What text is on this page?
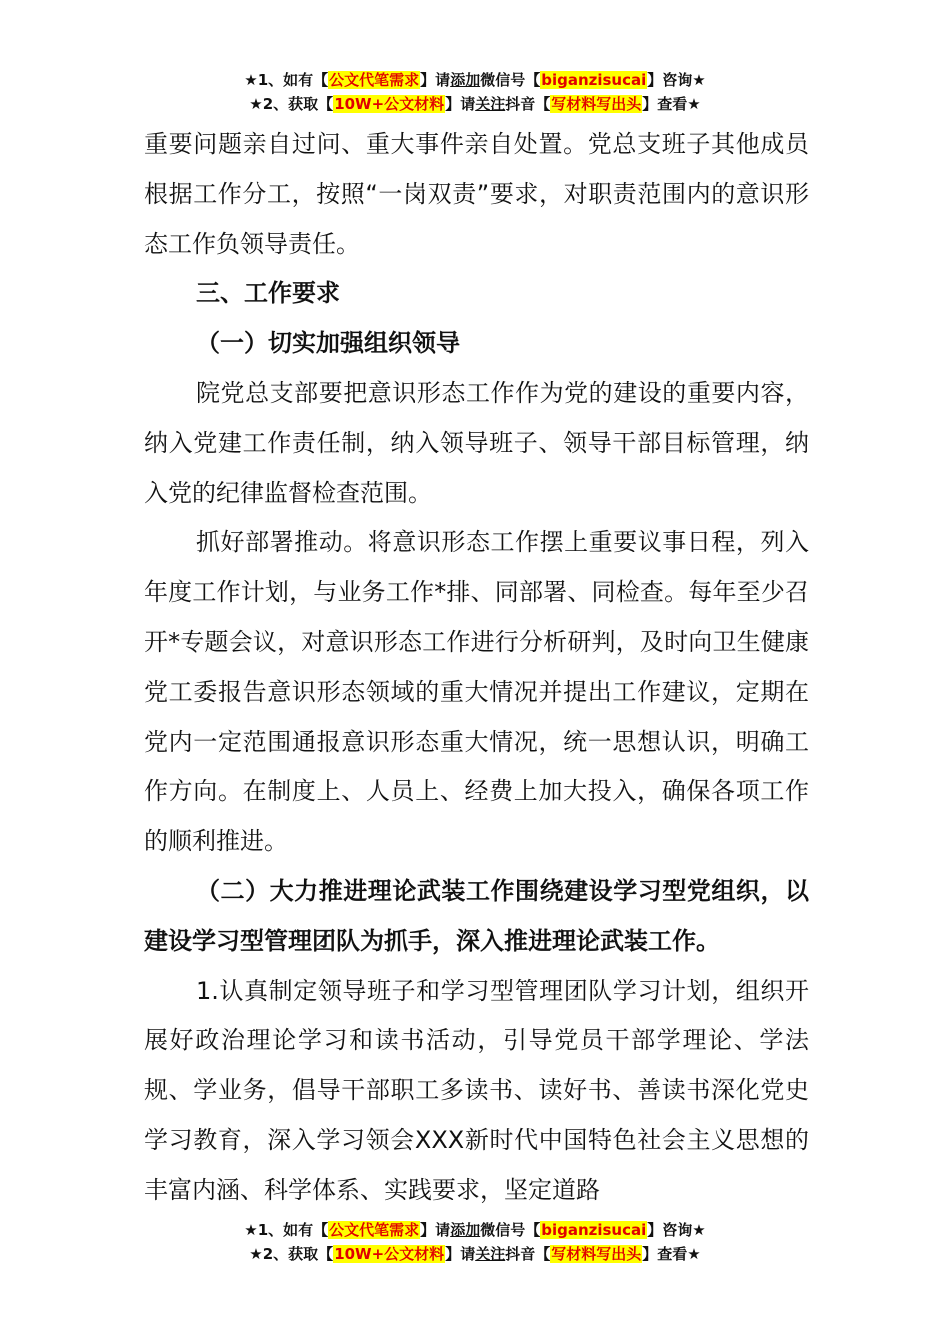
★1、如有【公文代笔需求】请添加微信号【biganzisucai】咨询★
★2、获取【10W+公文材料】请关注抖音【写材料写出头】查看★

重要问题亲自过问、重大事件亲自处置。党总支班子其他成员根据工作分工，按照“一岗双责”要求，对职责范围内的意识形态工作负领导责任。

三、工作要求

（一）切实加强组织领导

院党总支部要把意识形态工作作为党的建设的重要内容，纳入党建工作责任制，纳入领导班子、领导干部目标管理，纳入党的纪律监督检查范围。

抓好部署推动。将意识形态工作摆上重要议事日程，列入年度工作计划，与业务工作*排、同部署、同检查。每年至少召开*专题会议，对意识形态工作进行分析研判，及时向卫生健康党工委报告意识形态领域的重大情况并提出工作建议，定期在党内一定范围通报意识形态重大情况，统一思想认识，明确工作方向。在制度上、人员上、经费上加大投入，确保各项工作的顺利推进。

（二）大力推进理论武装工作围绕建设学习型党组织，以建设学习型管理团队为抓手，深入推进理论武装工作。

1.认真制定领导班子和学习型管理团队学习计划，组织开展好政治理论学习和读书活动，引导党员干部学理论、学法规、学业务，倡导干部职工多读书、读好书、善读书深化党史学习教育，深入学习领会XXX新时代中国特色社会主义思想的丰富内涵、科学体系、实践要求，坚定道路

★1、如有【公文代笔需求】请添加微信号【biganzisucai】咨询★
★2、获取【10W+公文材料】请关注抖音【写材料写出头】查看★
